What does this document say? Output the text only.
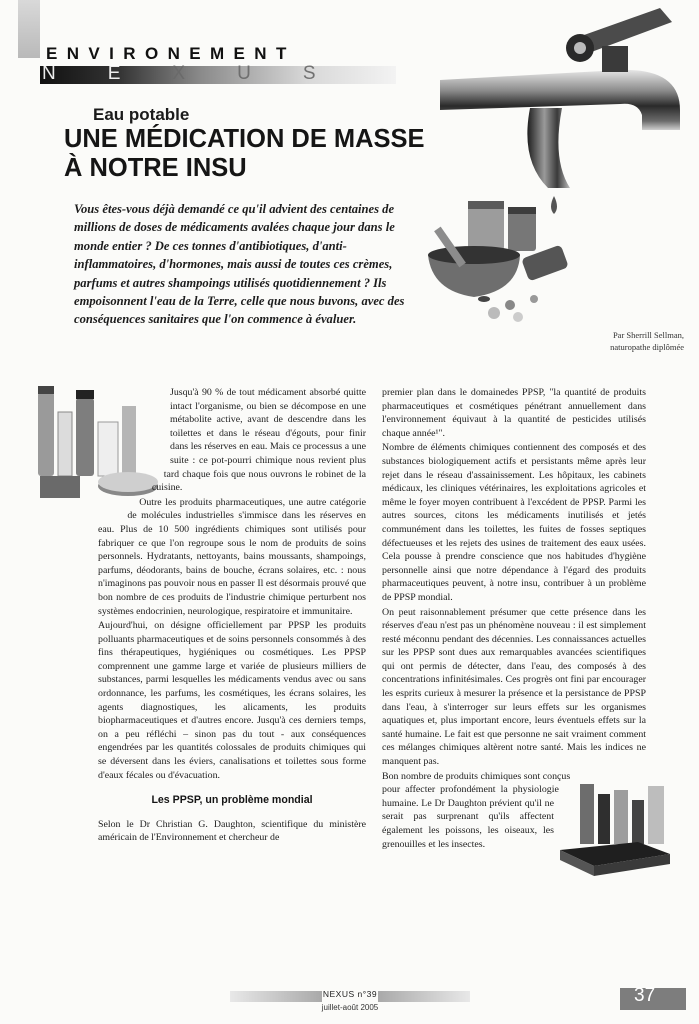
ENVIRONEMENT
NEXUS
Eau potable
UNE MÉDICATION DE MASSE
À NOTRE INSU
Vous êtes-vous déjà demandé ce qu'il advient des centaines de millions de doses de médicaments avalées chaque jour dans le monde entier ? De ces tonnes d'antibiotiques, d'anti-inflammatoires, d'hormones, mais aussi de toutes ces crèmes, parfums et autres shampoings utilisés quotidiennement ? Ils empoisonnent l'eau de la Terre, celle que nous buvons, avec des conséquences sanitaires que l'on commence à évaluer.
Par Sherrill Sellman,
naturopathe diplômée

Jusqu'à 90 % de tout médicament absorbé quitte intact l'organisme, ou bien se décompose en une métabolite active, avant de descendre dans les toilettes et dans le réseau d'égouts, pour finir dans les réserves en eau. Mais ce processus a une suite : ce pot-pourri chimique nous revient plus tard chaque fois que nous ouvrons le robinet de la cuisine.

Outre les produits pharmaceutiques, une autre catégorie de molécules industrielles s'immisce dans les réserves en eau. Plus de 10 500 ingrédients chimiques sont utilisés pour fabriquer ce que l'on regroupe sous le nom de produits de soins personnels. Hydratants, nettoyants, bains moussants, shampoings, parfums, déodorants, bains de bouche, écrans solaires, etc. : nous n'imaginons pas pouvoir nous en passer Il est désormais prouvé que bon nombre de ces produits de l'industrie chimique perturbent nos systèmes endocrinien, neurologique, respiratoire et immunitaire.

Aujourd'hui, on désigne officiellement par PPSP les produits polluants pharmaceutiques et de soins personnels consommés à des fins thérapeutiques, hygiéniques ou cosmétiques. Les PPSP comprennent une gamme large et variée de plusieurs milliers de substances, parmi lesquelles les médicaments vendus avec ou sans ordonnance, les parfums, les cosmétiques, les écrans solaires, les agents diagnostiques, les alicaments, les produits biopharmaceutiques et d'autres encore. Jusqu'à ces derniers temps, on a peu réfléchi – sinon pas du tout - aux conséquences engendrées par les quantités colossales de produits chimiques qui se déversent dans les éviers, canalisations et toilettes sous forme d'eaux fécales ou d'évacuation.

Les PPSP, un problème mondial

Selon le Dr Christian G. Daughton, scientifique du ministère américain de l'Environnement et chercheur de

premier plan dans le domainedes PPSP, "la quantité de produits pharmaceutiques et cosmétiques pénétrant annuellement dans l'environnement équivaut à la quantité de pesticides utilisés chaque année¹".

Nombre de éléments chimiques contiennent des composés et des substances biologiquement actifs et persistants même après leur rejet dans le réseau d'assainissement. Les hôpitaux, les cabinets médicaux, les cliniques vétérinaires, les exploitations agricoles et même le foyer moyen contribuent à l'excédent de PPSP. Parmi les autres sources, citons les médicaments inutilisés et jetés communément dans les toilettes, les fuites de fosses septiques défectueuses et les rejets des usines de traitement des eaux usées. Cela pousse à prendre conscience que nos habitudes d'hygiène personnelle ainsi que notre dépendance à l'égard des produits pharmaceutiques peuvent, à notre insu, contribuer à un problème de PPSP mondial.

On peut raisonnablement présumer que cette présence dans les réserves d'eau n'est pas un phénomène nouveau : il est simplement resté méconnu pendant des décennies. Les connaissances actuelles sur les PPSP sont dues aux remarquables avancées scientifiques qui ont permis de détecter, dans l'eau, des composés à des concentrations infinitésimales. Ces progrès ont fini par encourager les esprits curieux à mesurer la présence et la persistance de PPSP dans l'eau, à s'interroger sur leurs effets sur les organismes aquatiques et, plus important encore, leurs éventuels effets sur la santé humaine. Le fait est que personne ne sait vraiment comment ces mélanges chimiques altèrent notre santé. Mais les indices ne manquent pas.

Bon nombre de produits chimiques sont conçus pour affecter profondément la physiologie humaine. Le Dr Daughton prévient qu'il ne serait pas surprenant qu'ils affectent également les poissons, les oiseaux, les grenouilles et les insectes.

NEXUS n°39
juillet-août 2005
37
